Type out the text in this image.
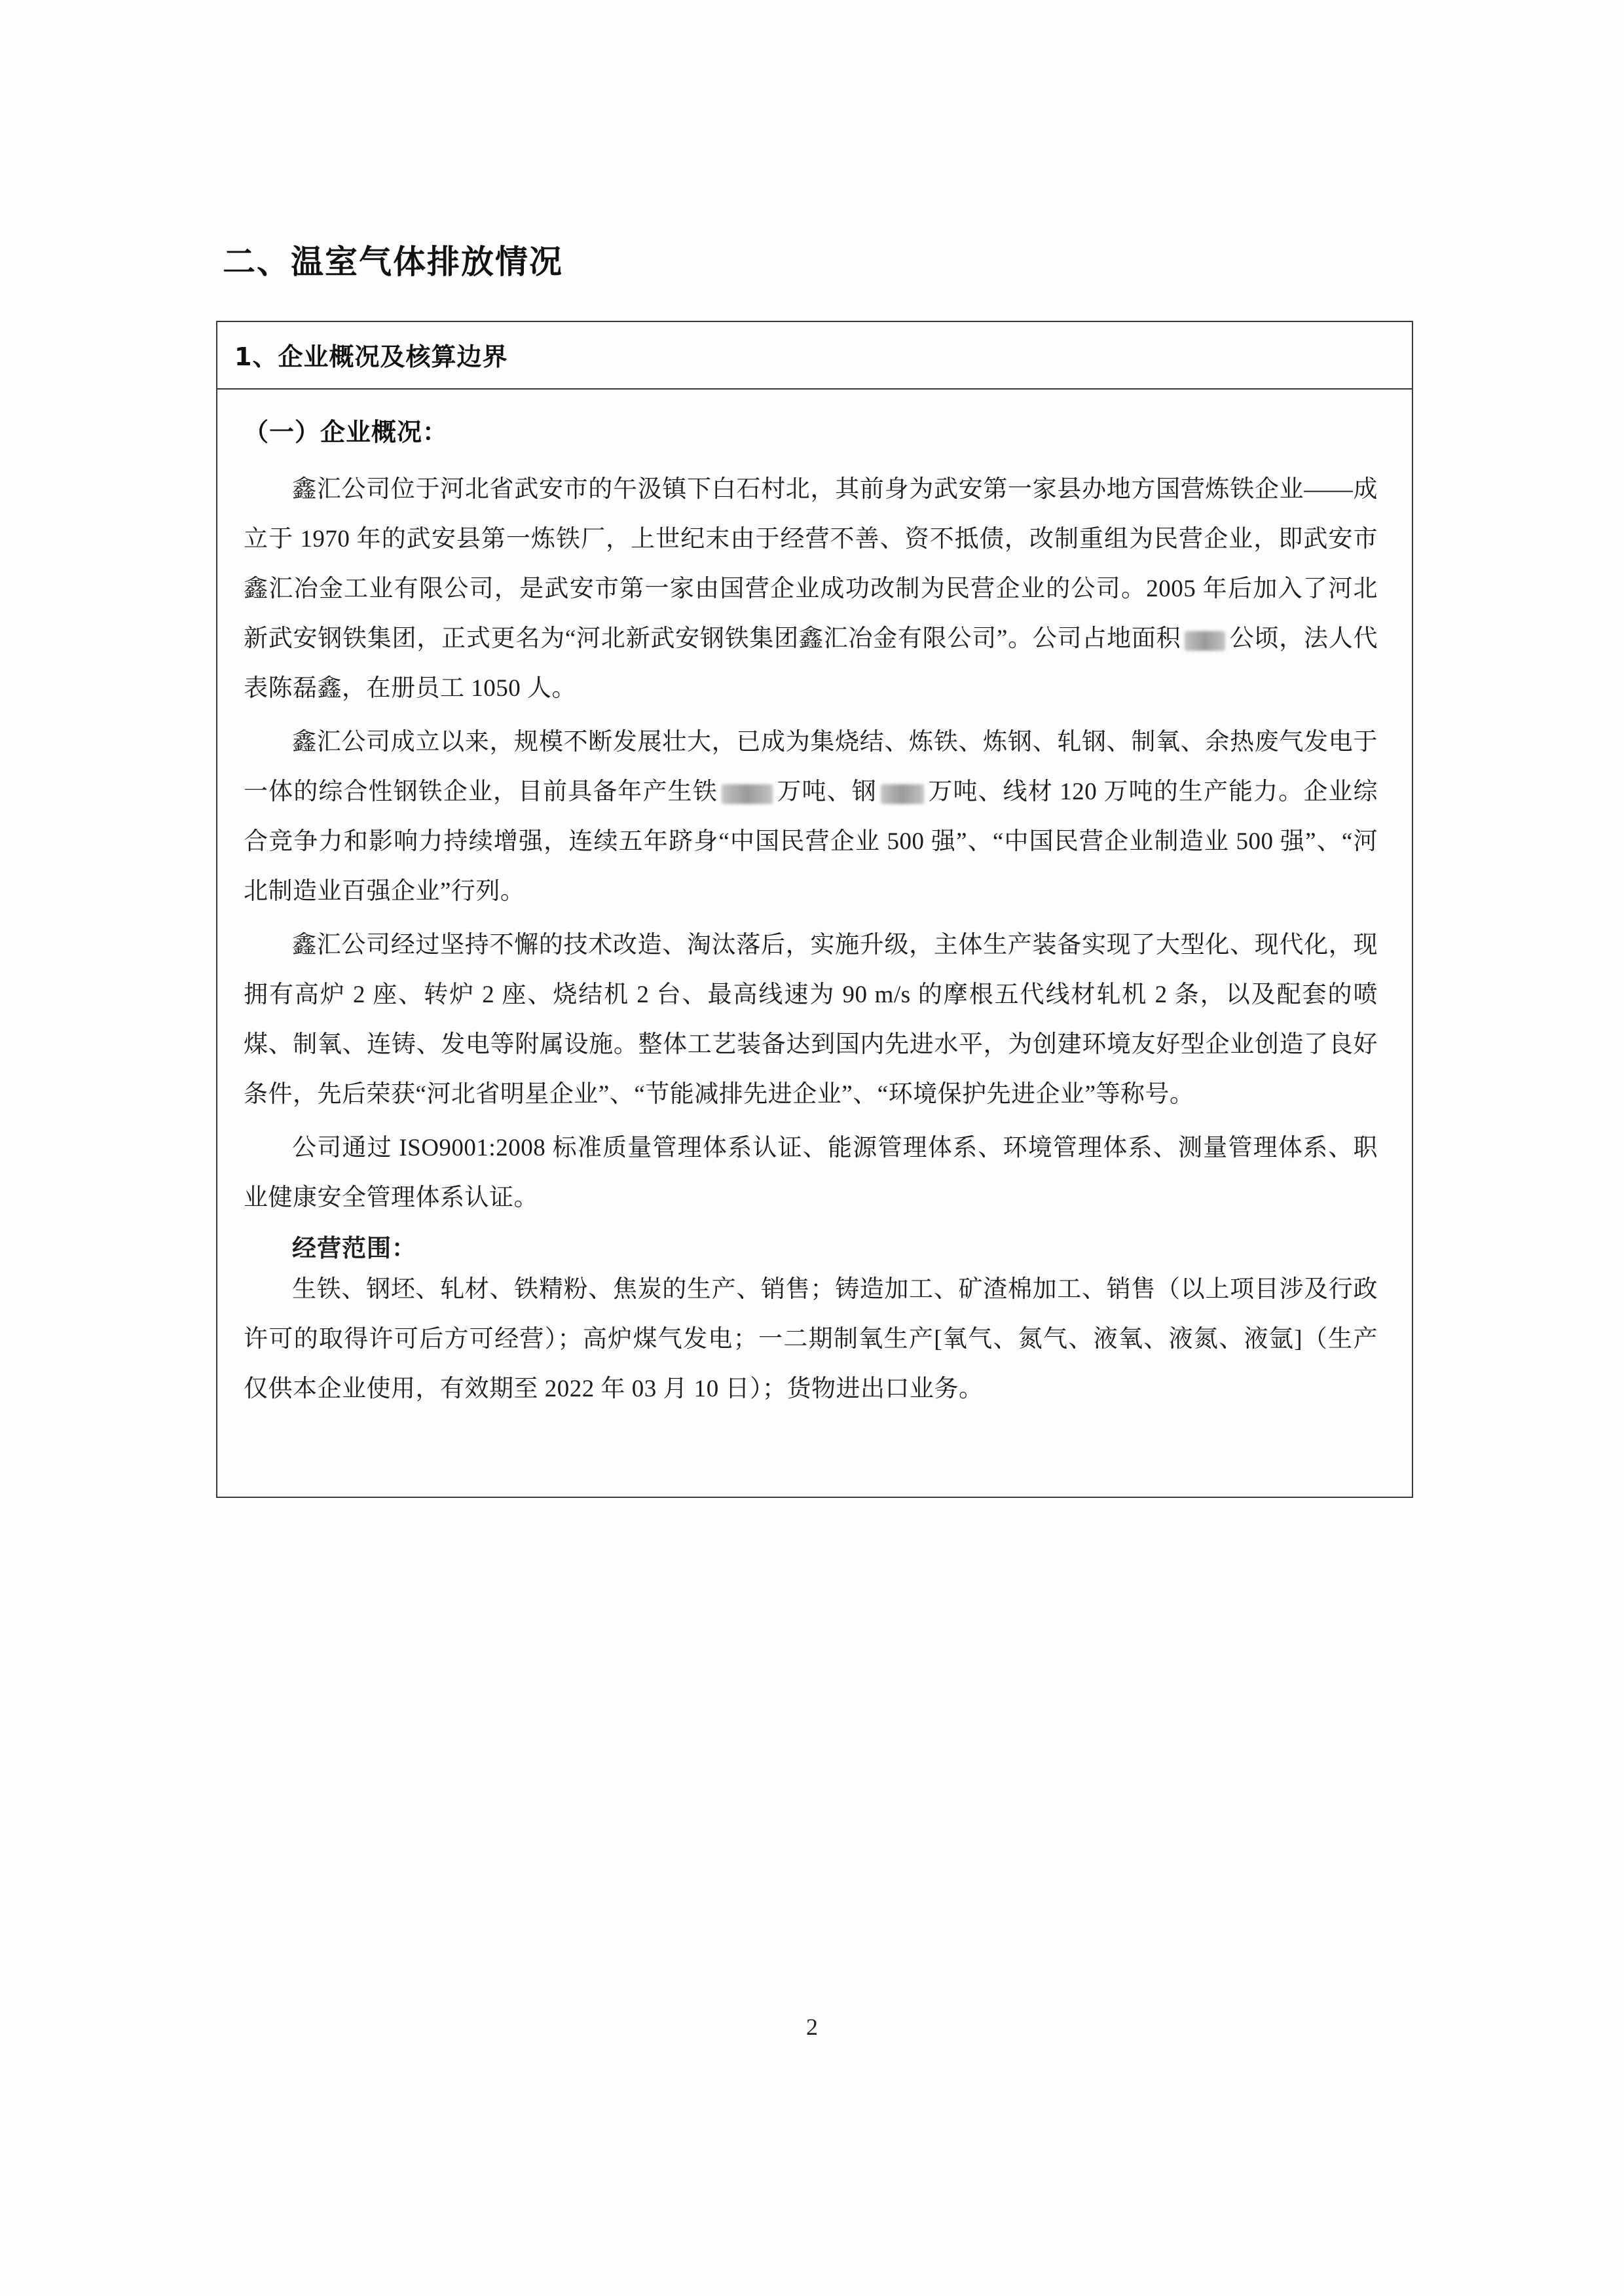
二、温室气体排放情况
1、企业概况及核算边界
（一）企业概况：

鑫汇公司位于河北省武安市的午汲镇下白石村北，其前身为武安第一家县办地方国营炼铁企业——成立于 1970 年的武安县第一炼铁厂，上世纪末由于经营不善、资不抵债，改制重组为民营企业，即武安市鑫汇冶金工业有限公司，是武安市第一家由国营企业成功改制为民营企业的公司。2005 年后加入了河北新武安钢铁集团，正式更名为“河北新武安钢铁集团鑫汇冶金有限公司”。公司占地面积 公顷，法人代表陈磊鑫，在册员工 1050 人。

鑫汇公司成立以来，规模不断发展壮大，已成为集烧结、炼铁、炼钢、轧钢、制氧、余热废气发电于一体的综合性钢铁企业，目前具备年产生铁 万吨、钢 万吨、线材 120 万吨的生产能力。企业综合竞争力和影响力持续增强，连续五年跻身“中国民营企业 500 强”、“中国民营企业制造业 500 强”、“河北制造业百强企业”行列。

鑫汇公司经过坚持不懈的技术改造、淘汰落后，实施升级，主体生产装备实现了大型化、现代化，现拥有高炉 2 座、转炉 2 座、烧结机 2 台、最高线速为 90 m/s 的摩根五代线材轧机 2 条，以及配套的喷煤、制氧、连铸、发电等附属设施。整体工艺装备达到国内先进水平，为创建环境友好型企业创造了良好条件，先后荣获“河北省明星企业”、“节能减排先进企业”、“环境保护先进企业”等称号。

公司通过 ISO9001:2008 标准质量管理体系认证、能源管理体系、环境管理体系、测量管理体系、职业健康安全管理体系认证。

经营范围：

生铁、钢坯、轧材、铁精粉、焦炭的生产、销售；铸造加工、矿渣棉加工、销售（以上项目涉及行政许可的取得许可后方可经营）；高炉煤气发电；一二期制氧生产[氧气、氮气、液氧、液氮、液氩]（生产仅供本企业使用，有效期至 2022 年 03 月 10 日）；货物进出口业务。

2
